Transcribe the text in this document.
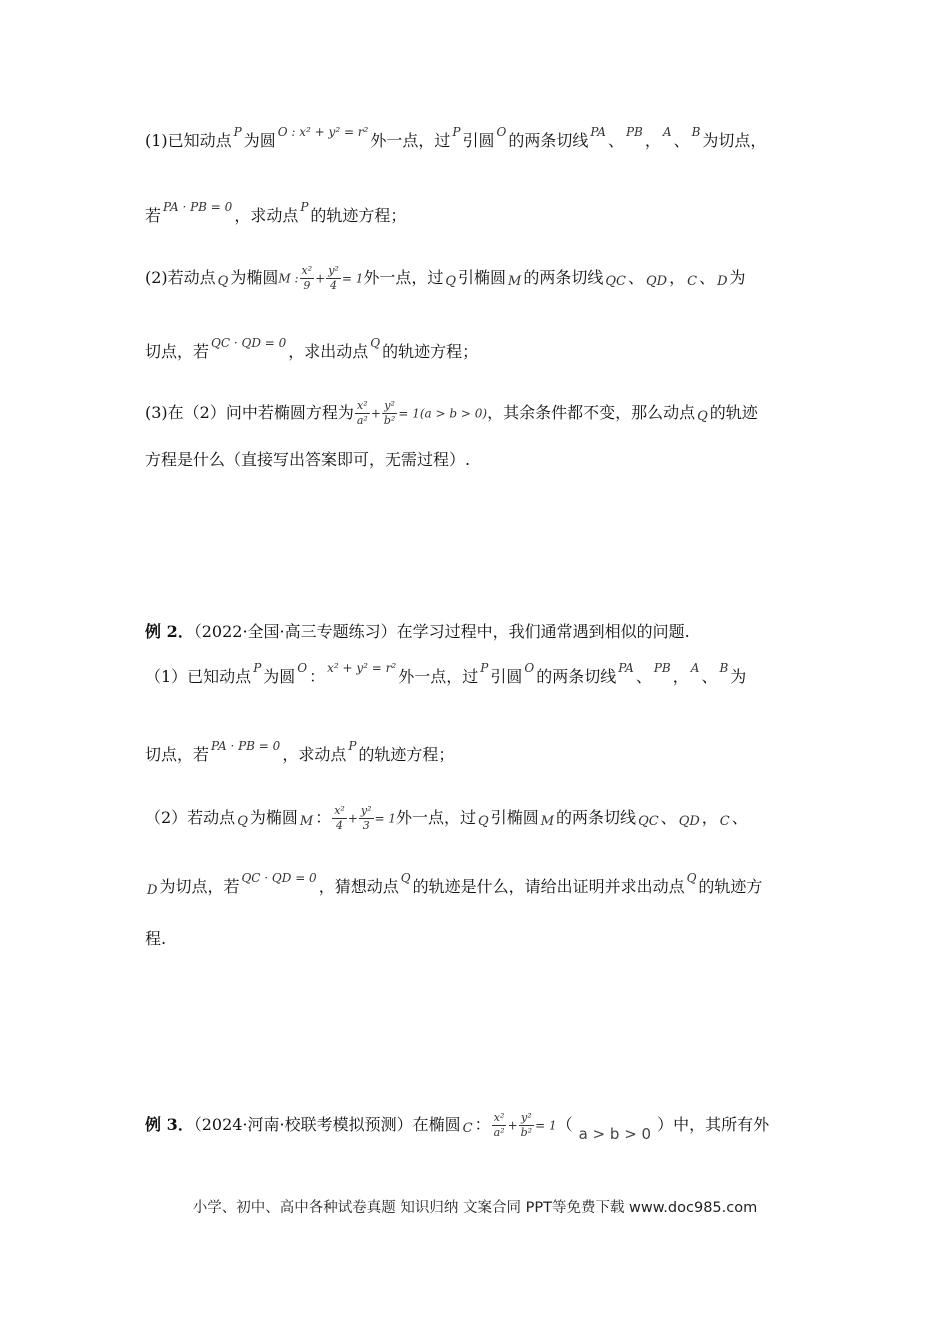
(1)已知动点 P 为圆 O : x² + y² = r² 外一点，过 P 引圆 O 的两条切线 PA 、 PB ， A 、 B 为切点，
若 PA · PB = 0 ，求动点 P 的轨迹方程；
(2)若动点 Q 为椭圆M : $\frac{\text{x²}}{9} + \frac{\text{y²}}{4} = 1$外一点，过 Q 引椭圆 M 的两条切线 QC 、 QD ， C 、 D 为
切点，若 QC · QD = 0 ，求出动点 Q 的轨迹方程；
(3)在（2）问中若椭圆方程为 $\frac{\text{x²}}{\text{a²}} + \frac{\text{y²}}{\text{b²}} = 1(a > b > 0)$，其余条件都不变，那么动点 Q 的轨迹
方程是什么（直接写出答案即可，无需过程）.
例 2．（2022·全国·高三专题练习）在学习过程中，我们通常遇到相似的问题.
（1）已知动点 P 为圆 O ： x² + y² = r² 外一点，过 P 引圆 O 的两条切线 PA 、 PB ， A 、 B 为
切点，若 PA · PB = 0 ，求动点 P 的轨迹方程；
（2）若动点 Q 为椭圆 M ： $\frac{\text{x²}}{4} + \frac{\text{y²}}{3} = 1$外一点，过 Q 引椭圆 M 的两条切线 QC 、 QD ， C 、
D 为切点，若 QC · QD = 0 ，猜想动点 Q 的轨迹是什么，请给出证明并求出动点 Q 的轨迹方
程.
例 3．（2024·河南·校联考模拟预测）在椭圆 C ： $\frac{\text{x²}}{\text{a²}} + \frac{\text{y²}}{\text{b²}} = 1$（ a > b > 0 ）中，其所有外
小学、初中、高中各种试卷真题 知识归纳 文案合同 PPT等免费下载 www.doc985.com
